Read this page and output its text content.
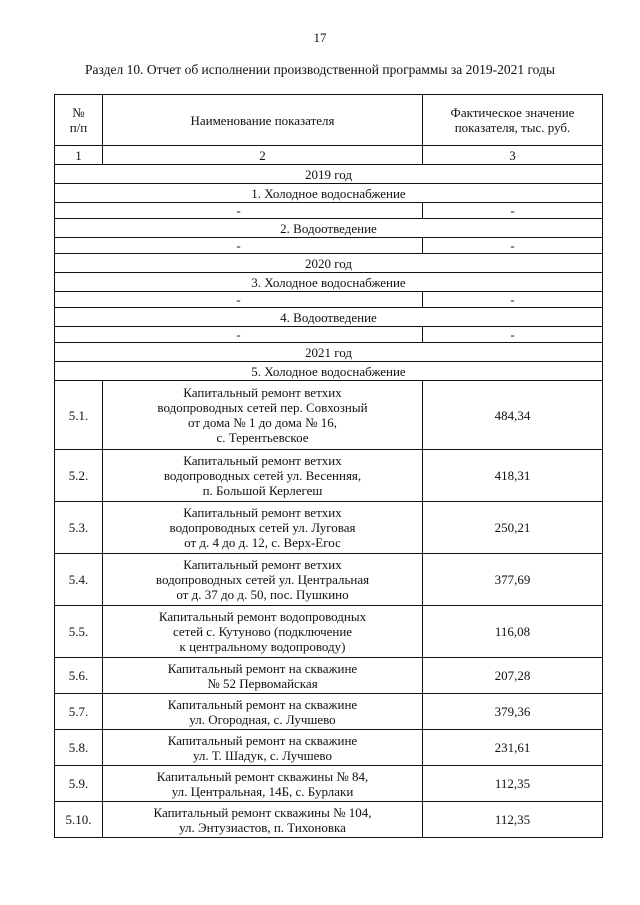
17
Раздел 10. Отчет об исполнении производственной программы за 2019-2021 годы
№
п/п	Наименование показателя	Фактическое значение
показателя, тыс. руб.

1	2	3
2019 год		
1. Холодное водоснабжение		
-		-
2. Водоотведение		
-		-
2020 год		
3. Холодное водоснабжение		
-		-
4. Водоотведение		
-		-
2021 год		
5. Холодное водоснабжение		
5.1.	Капитальный ремонт ветхих
водопроводных сетей пер. Совхозный
от дома № 1 до дома № 16,
с. Терентьевское	484,34
5.2.	Капитальный ремонт ветхих
водопроводных сетей ул. Весенняя,
п. Большой Керлегеш	418,31
5.3.	Капитальный ремонт ветхих
водопроводных сетей ул. Луговая
от д. 4 до д. 12, с. Верх-Егос	250,21
5.4.	Капитальный ремонт ветхих
водопроводных сетей ул. Центральная
от д. 37 до д. 50, пос. Пушкино	377,69
5.5.	Капитальный ремонт водопроводных
сетей с. Кутуново (подключение
к центральному водопроводу)	116,08
5.6.	Капитальный ремонт на скважине
№ 52 Первомайская	207,28
5.7.	Капитальный ремонт на скважине
ул. Огородная, с. Лучшево	379,36
5.8.	Капитальный ремонт на скважине
ул. Т. Шадук, с. Лучшево	231,61
5.9.	Капитальный ремонт скважины № 84,
ул. Центральная, 14Б, с. Бурлаки	112,35
5.10.	Капитальный ремонт скважины № 104,
ул. Энтузиастов, п. Тихоновка	112,35
